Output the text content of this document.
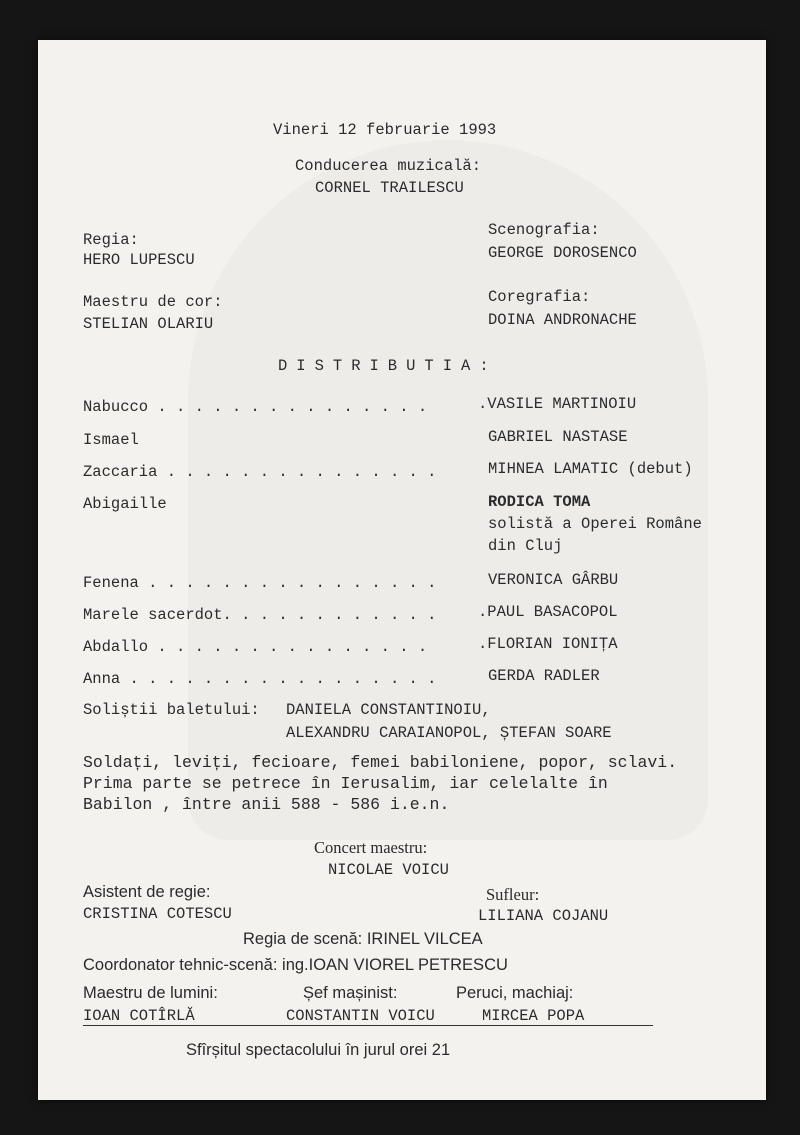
Vineri 12 februarie 1993
Conducerea muzicală:
CORNEL TRAILESCU
Regia:
HERO LUPESCU
Scenografia:
GEORGE DOROSENCO
Maestru de cor:
STELIAN OLARIU
Coregrafia:
DOINA ANDRONACHE
DISTRIBUTIA:
Nabucco . . . . . . . . . . . . . . .	.VASILE MARTINOIU
Ismael	GABRIEL NASTASE
Zaccaria . . . . . . . . . . . . . . .	MIHNEA LAMATIC (debut)
Abigaille	RODICA TOMA
solistă a Operei Române
din Cluj
Fenena . . . . . . . . . . . . . . . .	VERONICA GÂRBU
Marele sacerdot. . . . . . . . . . . .	.PAUL BASACOPOL
Abdallo . . . . . . . . . . . . . . .	.FLORIAN IONIȚA
Anna . . . . . . . . . . . . . . . . .	GERDA RADLER
Soliștii baletului: DANIELA CONSTANTINOIU,
ALEXANDRU CARAIANOPOL, ȘTEFAN SOARE
Soldați, leviți, fecioare, femei babiloniene, popor, sclavi.
Prima parte se petrece în Ierusalim, iar celelalte în
Babilon , între anii 588 - 586 i.e.n.
Concert maestru:
NICOLAE VOICU
Asistent de regie:
CRISTINA COTESCU
Sufleur:
LILIANA COJANU
Regia de scenă: IRINEL VILCEA
Coordonator tehnic-scenă: ing.IOAN VIOREL PETRESCU
Maestru de lumini:
IOAN COTÎRLĂ
Șef mașinist:
CONSTANTIN VOICU
Peruci, machiaj:
MIRCEA POPA
Sfîrșitul spectacolului în jurul orei 21
